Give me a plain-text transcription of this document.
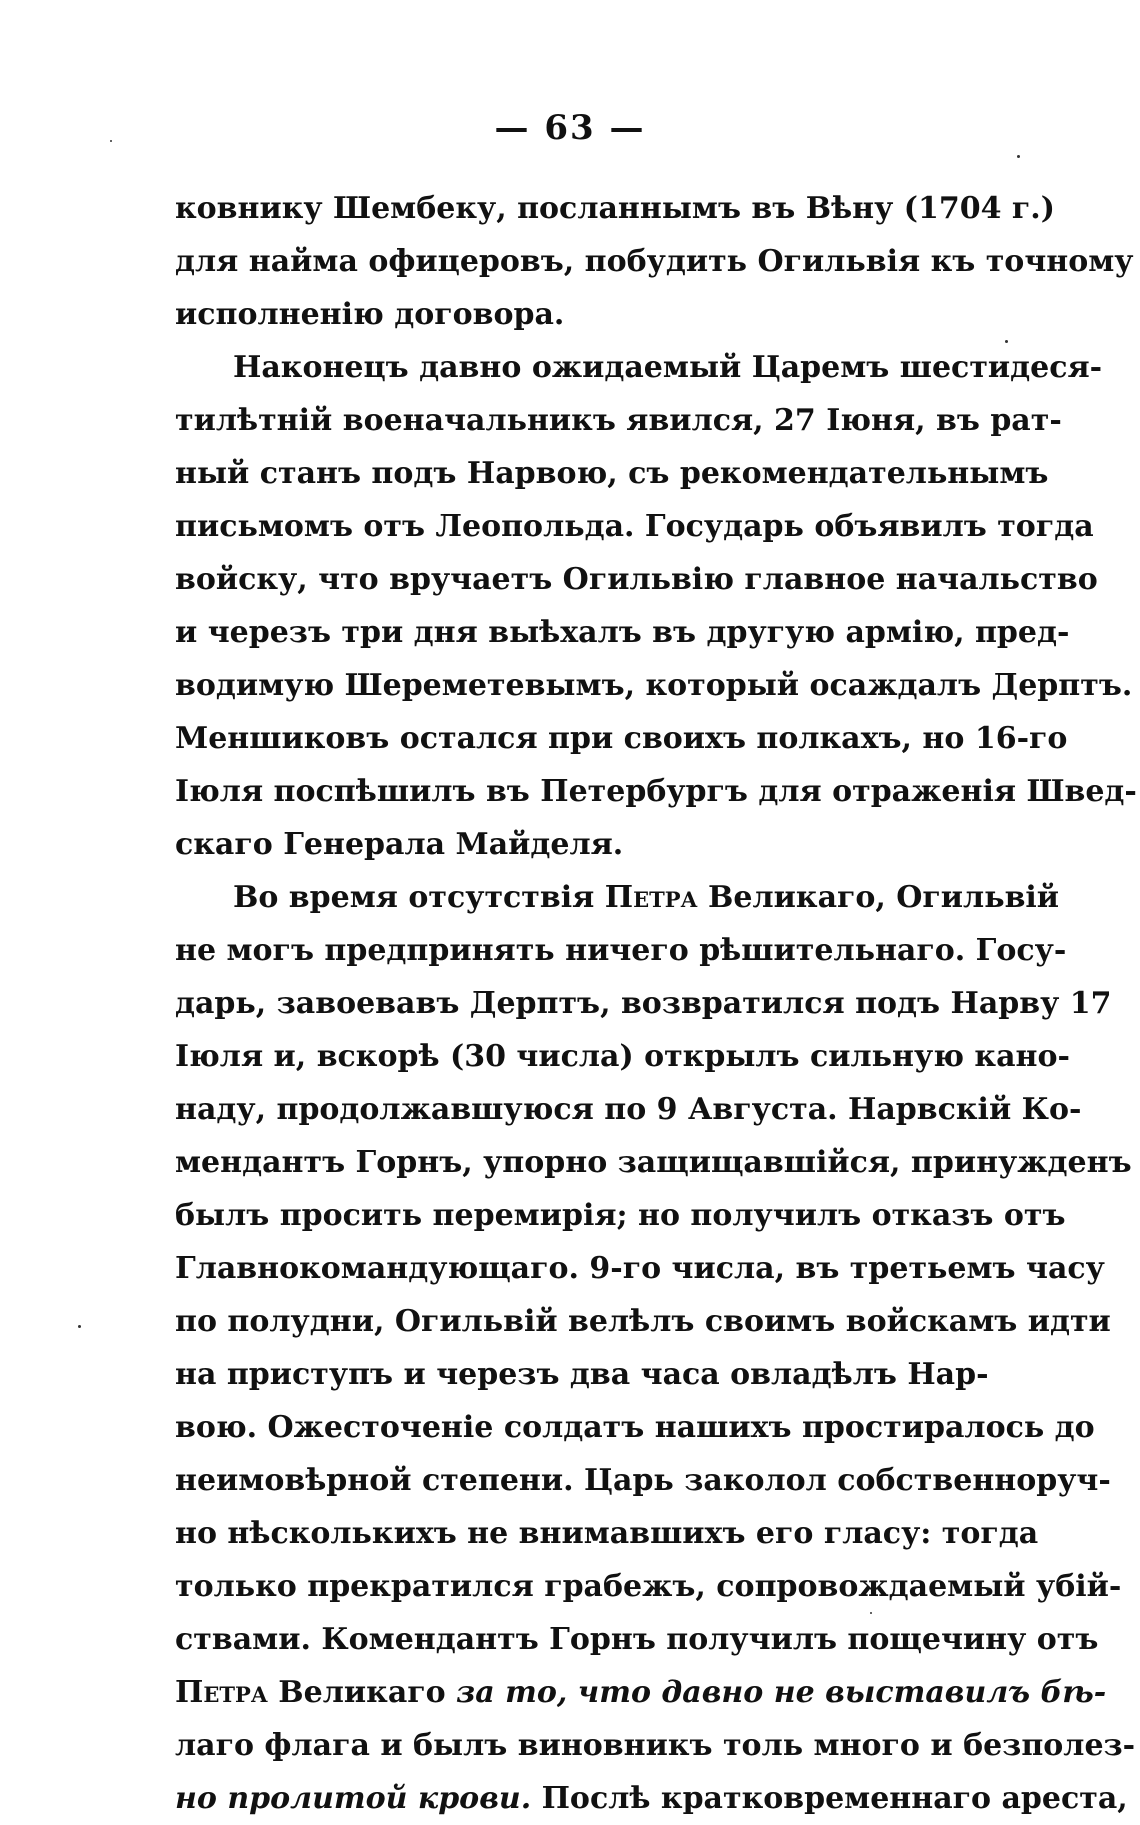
— 63 —
ковнику Шембеку, посланнымъ въ Вѣну (1704 г.)
для найма офицеровъ, побудить Огильвія къ точному
исполненію договора.
Наконецъ давно ожидаемый Царемъ шестидеся-
тилѣтній военачальникъ явился, 27 Іюня, въ рат-
ный станъ подъ Нарвою, съ рекомендательнымъ
письмомъ отъ Леопольда. Государь объявилъ тогда
войску, что вручаетъ Огильвію главное начальство
и черезъ три дня выѣхалъ въ другую армію, пред-
водимую Шереметевымъ, который осаждалъ Дерптъ.
Меншиковъ остался при своихъ полкахъ, но 16-го
Іюля поспѣшилъ въ Петербургъ для отраженія Швед-
скаго Генерала Майделя.
Во время отсутствія Петра Великаго, Огильвій
не могъ предпринять ничего рѣшительнаго. Госу-
дарь, завоевавъ Дерптъ, возвратился подъ Нарву 17
Іюля и, вскорѣ (30 числа) открылъ сильную кано-
наду, продолжавшуюся по 9 Августа. Нарвскій Ко-
мендантъ Горнъ, упорно защищавшійся, принужденъ
былъ просить перемирія; но получилъ отказъ отъ
Главнокомандующаго. 9-го числа, въ третьемъ часу
по полудни, Огильвій велѣлъ своимъ войскамъ идти
на приступъ и черезъ два часа овладѣлъ Нар-
вою. Ожесточеніе солдатъ нашихъ простиралось до
неимовѣрной степени. Царь заколол собственноруч-
но нѣсколькихъ не внимавшихъ его гласу: тогда
только прекратился грабежъ, сопровождаемый убій-
ствами. Комендантъ Горнъ получилъ пощечину отъ
Петра Великаго за то, что давно не выставилъ бѣ-
лаго флага и былъ виновникъ толь много и безполез-
но пролитой крови. Послѣ кратковременнаго ареста,
